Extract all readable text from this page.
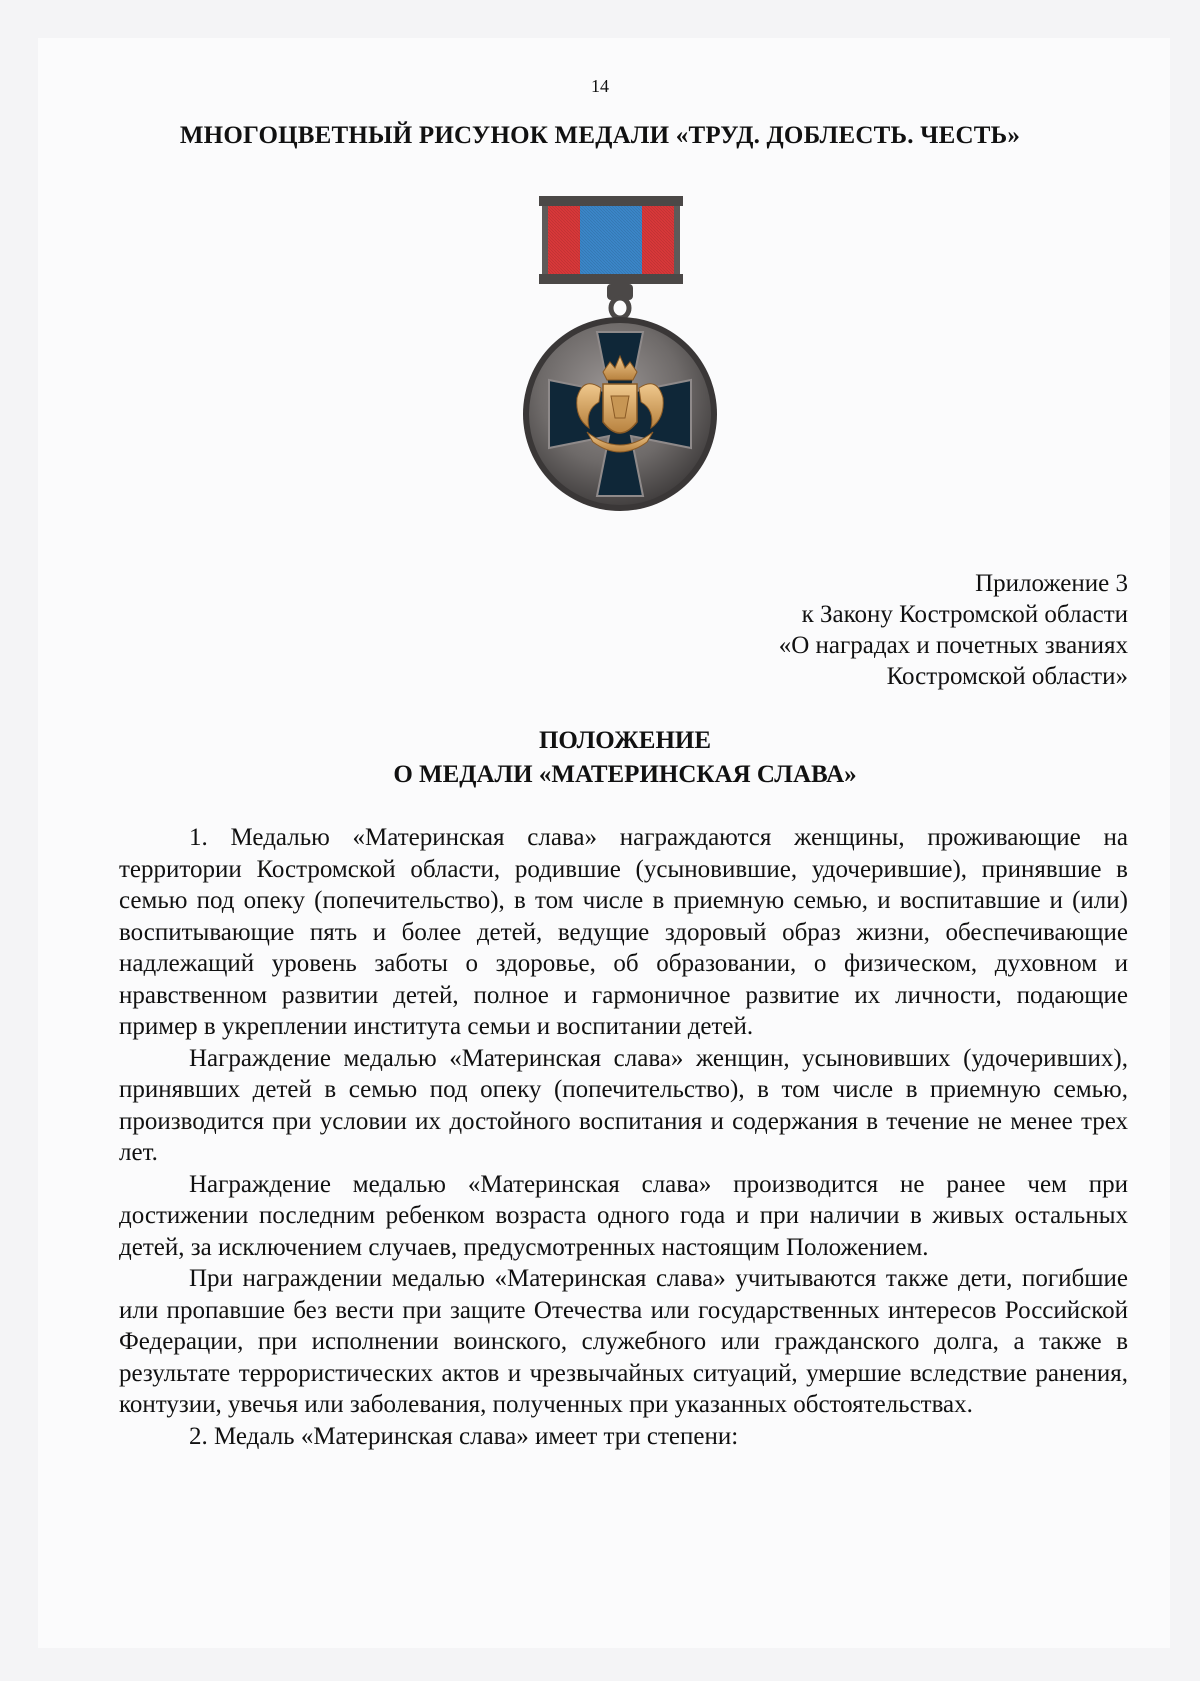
14
МНОГОЦВЕТНЫЙ РИСУНОК МЕДАЛИ «ТРУД. ДОБЛЕСТЬ. ЧЕСТЬ»
Приложение 3
к Закону Костромской области
«О наградах и почетных званиях
Костромской области»
ПОЛОЖЕНИЕ
О МЕДАЛИ «МАТЕРИНСКАЯ СЛАВА»

1. Медалью «Материнская слава» награждаются женщины, проживающие на территории Костромской области, родившие (усыновившие, удочерившие), принявшие в семью под опеку (попечительство), в том числе в приемную семью, и воспитавшие и (или) воспитывающие пять и более детей, ведущие здоровый образ жизни, обеспечивающие надлежащий уровень заботы о здоровье, об образовании, о физическом, духовном и нравственном развитии детей, полное и гармоничное развитие их личности, подающие пример в укреплении института семьи и воспитании детей.

Награждение медалью «Материнская слава» женщин, усыновивших (удочеривших), принявших детей в семью под опеку (попечительство), в том числе в приемную семью, производится при условии их достойного воспитания и содержания в течение не менее трех лет.

Награждение медалью «Материнская слава» производится не ранее чем при достижении последним ребенком возраста одного года и при наличии в живых остальных детей, за исключением случаев, предусмотренных настоящим Положением.

При награждении медалью «Материнская слава» учитываются также дети, погибшие или пропавшие без вести при защите Отечества или государственных интересов Российской Федерации, при исполнении воинского, служебного или гражданского долга, а также в результате террористических актов и чрезвычайных ситуаций, умершие вследствие ранения, контузии, увечья или заболевания, полученных при указанных обстоятельствах.

2. Медаль «Материнская слава» имеет три степени:
